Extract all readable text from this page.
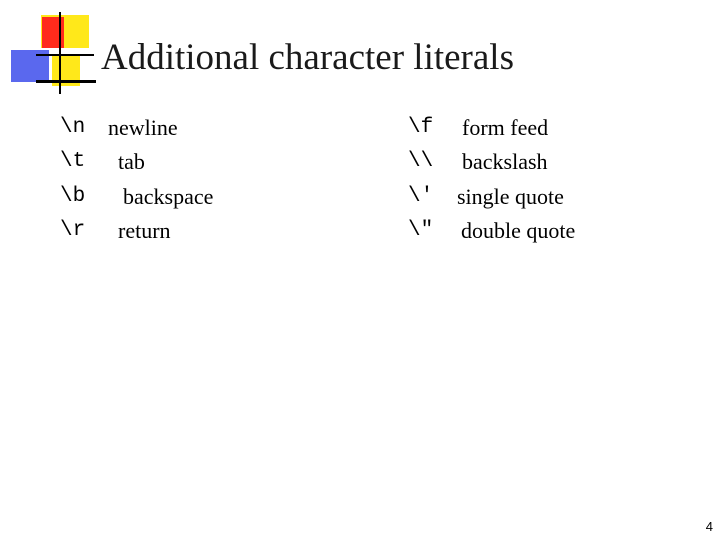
Additional character literals
\n newline
\t tab
\b backspace
\r return
\f form feed
\\ backslash
\' single quote
\" double quote
4
